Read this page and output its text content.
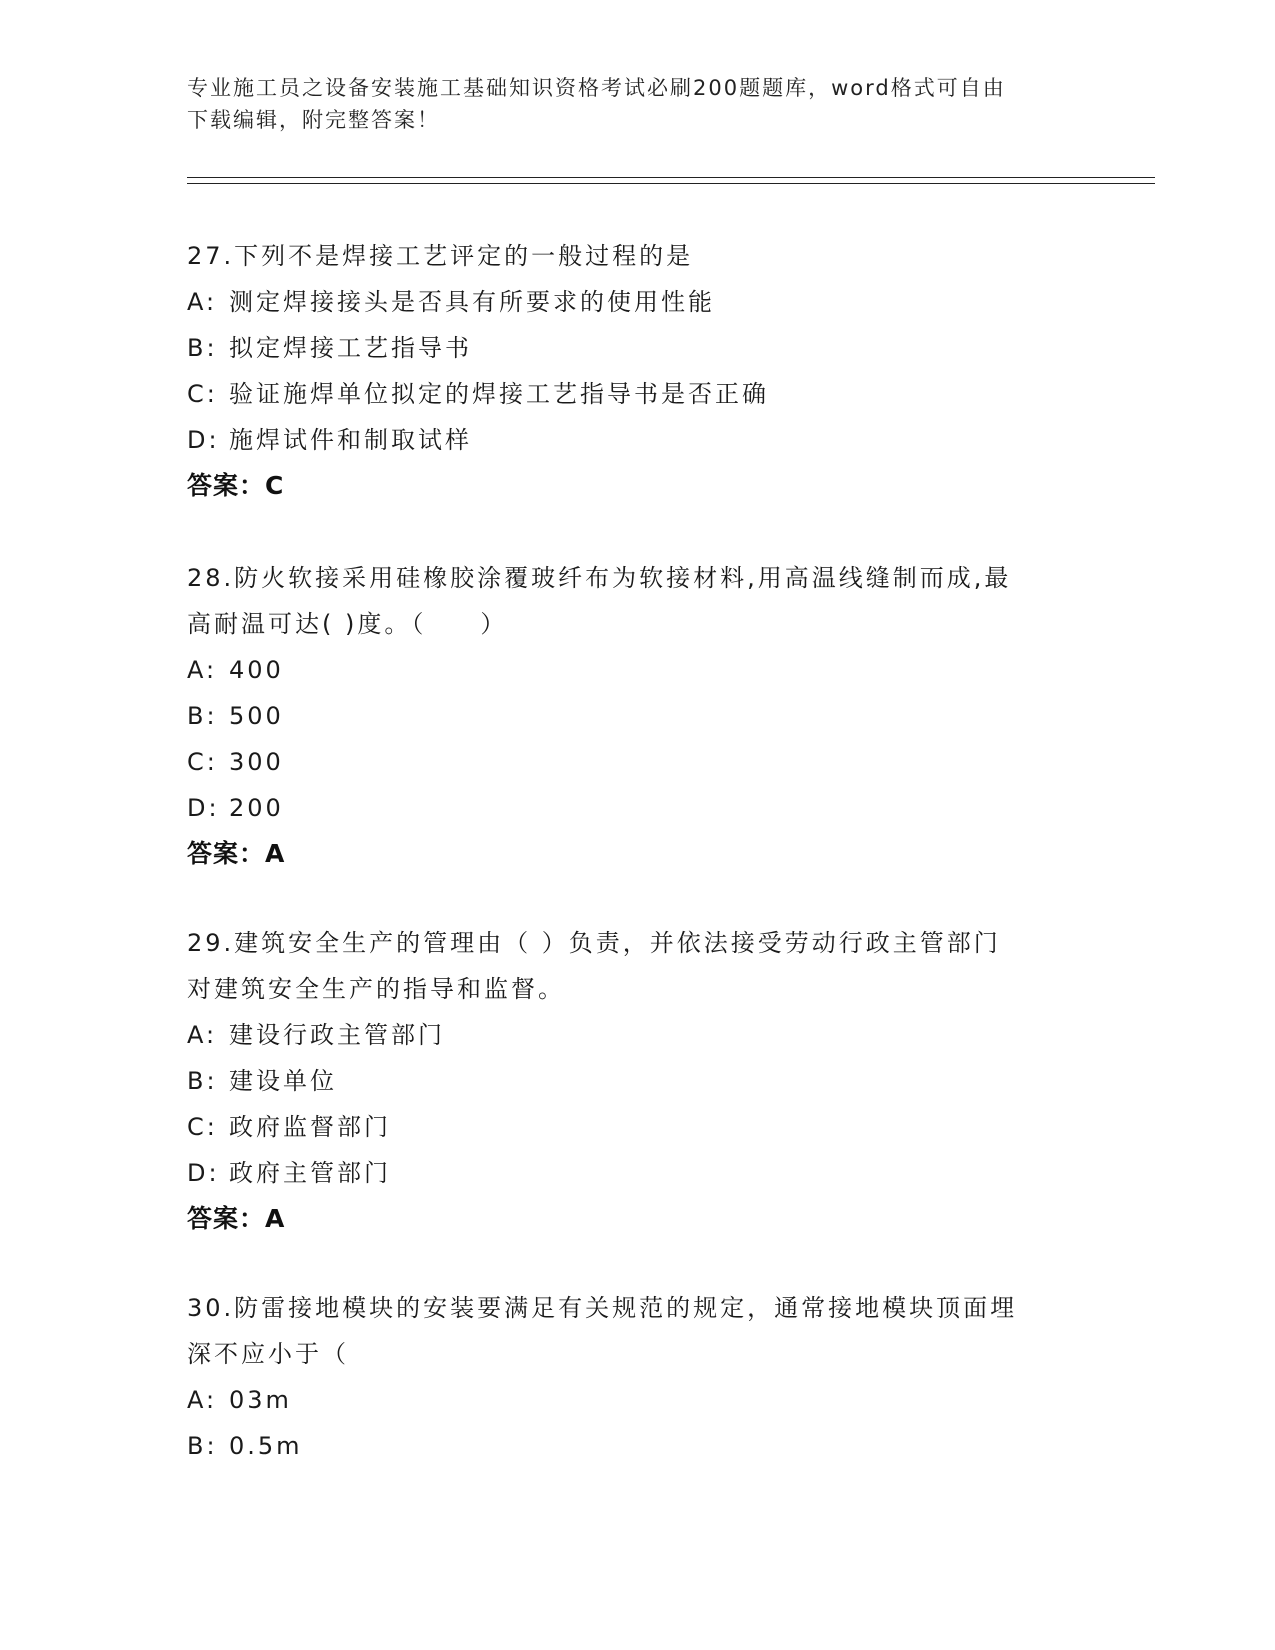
专业施工员之设备安装施工基础知识资格考试必刷200题题库，word格式可自由
下载编辑，附完整答案！
27.下列不是焊接工艺评定的一般过程的是
A: 测定焊接接头是否具有所要求的使用性能
B: 拟定焊接工艺指导书
C: 验证施焊单位拟定的焊接工艺指导书是否正确
D: 施焊试件和制取试样
答案：C
28.防火软接采用硅橡胶涂覆玻纤布为软接材料,用高温线缝制而成,最
高耐温可达( )度。（　　）
A: 400
B: 500
C: 300
D: 200
答案：A
29.建筑安全生产的管理由（ ）负责，并依法接受劳动行政主管部门
对建筑安全生产的指导和监督。
A: 建设行政主管部门
B: 建设单位
C: 政府监督部门
D: 政府主管部门
答案：A
30.防雷接地模块的安装要满足有关规范的规定，通常接地模块顶面埋
深不应小于（
A: 03m
B: 0.5m
